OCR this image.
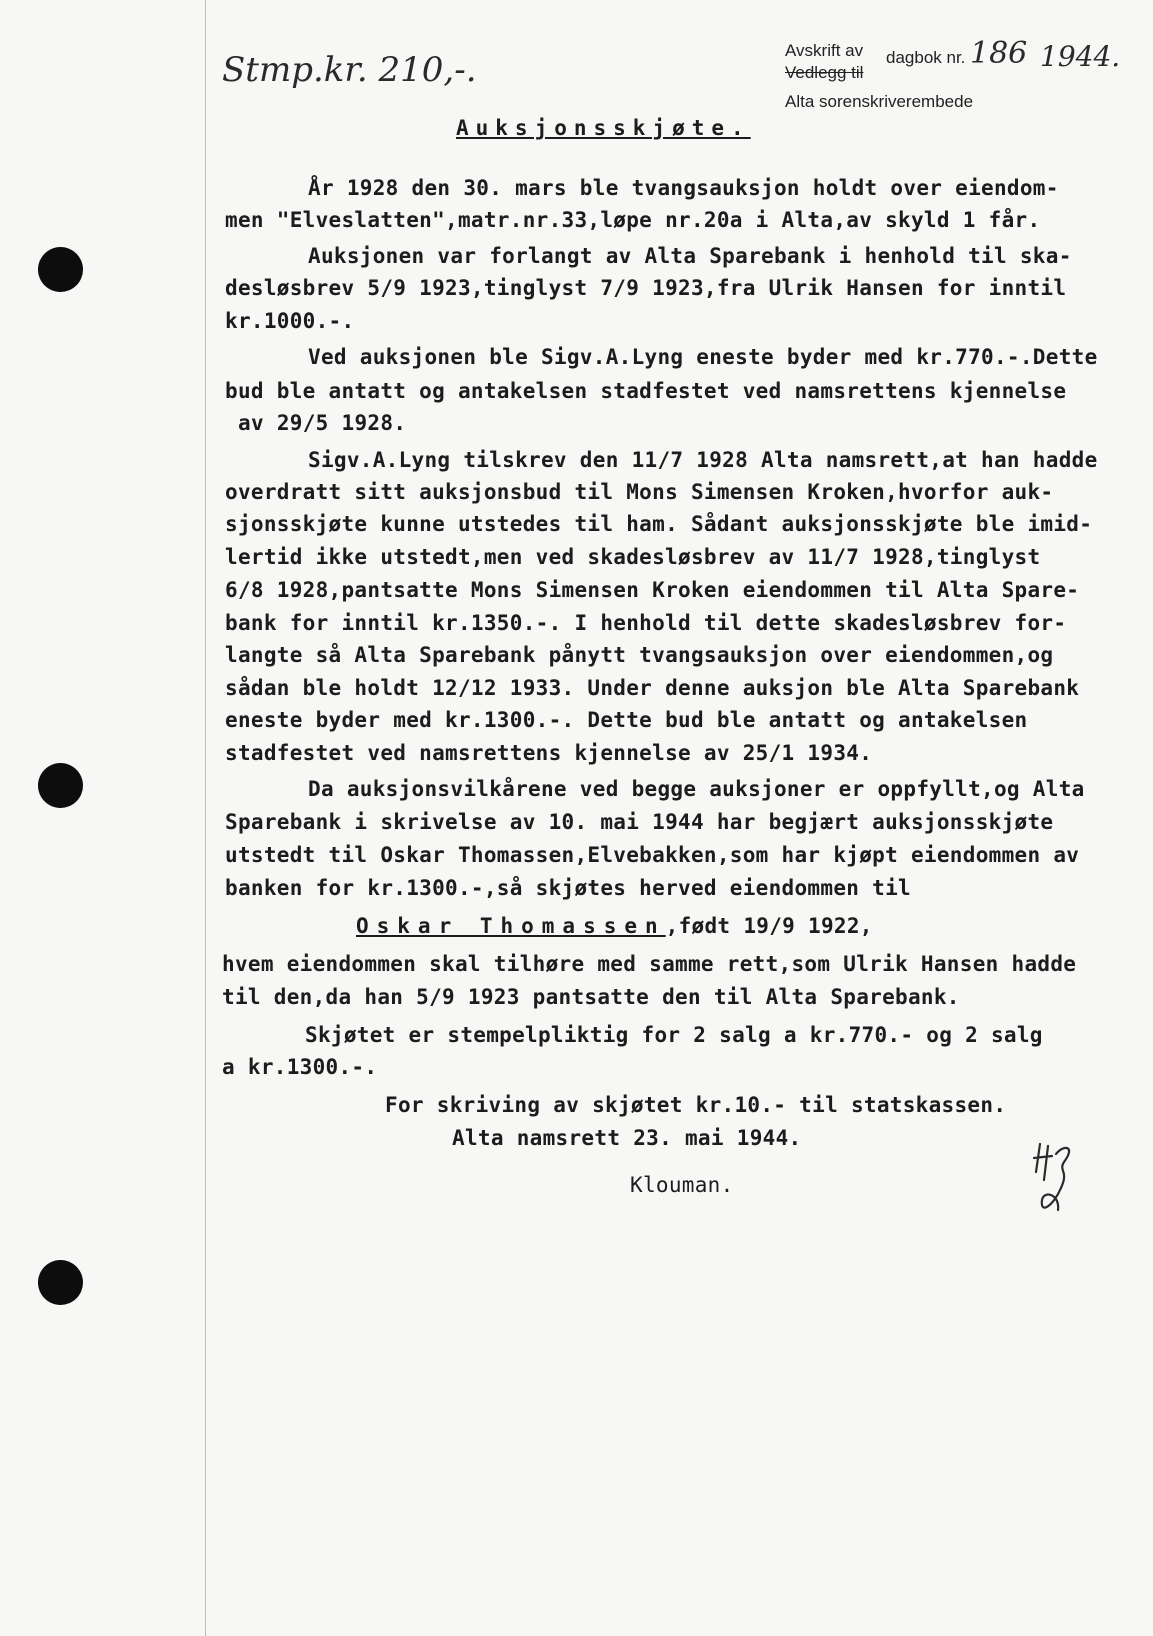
Stmp.kr. 210,-.	Avskrift av dagbok nr. 186 1944.
Vedlegg til
Alta sorenskriverembede
Auksjonsskjøte.
År 1928 den 30. mars ble tvangsauksjon holdt over eiendom-
men "Elveslatten",matr.nr.33,løpe nr.20a i Alta,av skyld 1 får.
Auksjonen var forlangt av Alta Sparebank i henhold til ska-
desløsbrev 5/9 1923,tinglyst 7/9 1923,fra Ulrik Hansen for inntil
kr.1000.-.
Ved auksjonen ble Sigv.A.Lyng eneste byder med kr.770.-.Dette
bud ble antatt og antakelsen stadfestet ved namsrettens kjennelse
av 29/5 1928.
Sigv.A.Lyng tilskrev den 11/7 1928 Alta namsrett,at han hadde
overdratt sitt auksjonsbud til Mons Simensen Kroken,hvorfor auk-
sjonsskjøte kunne utstedes til ham. Sådant auksjonsskjøte ble imid-
lertid ikke utstedt,men ved skadesløsbrev av 11/7 1928,tinglyst
6/8 1928,pantsatte Mons Simensen Kroken eiendommen til Alta Spare-
bank for inntil kr.1350.-. I henhold til dette skadesløsbrev for-
langte så Alta Sparebank pånytt tvangsauksjon over eiendommen,og
sådan ble holdt 12/12 1933. Under denne auksjon ble Alta Sparebank
eneste byder med kr.1300.-. Dette bud ble antatt og antakelsen
stadfestet ved namsrettens kjennelse av 25/1 1934.
Da auksjonsvilkårene ved begge auksjoner er oppfyllt,og Alta
Sparebank i skrivelse av 10. mai 1944 har begjært auksjonsskjøte
utstedt til Oskar Thomassen,Elvebakken,som har kjøpt eiendommen av
banken for kr.1300.-,så skjøtes herved eiendommen til
Oskar Thomassen,født 19/9 1922,
hvem eiendommen skal tilhøre med samme rett,som Ulrik Hansen hadde
til den,da han 5/9 1923 pantsatte den til Alta Sparebank.
Skjøtet er stempelpliktig for 2 salg a kr.770.- og 2 salg
a kr.1300.-.
For skriving av skjøtet kr.10.- til statskassen.
Alta namsrett 23. mai 1944.
Klouman.
